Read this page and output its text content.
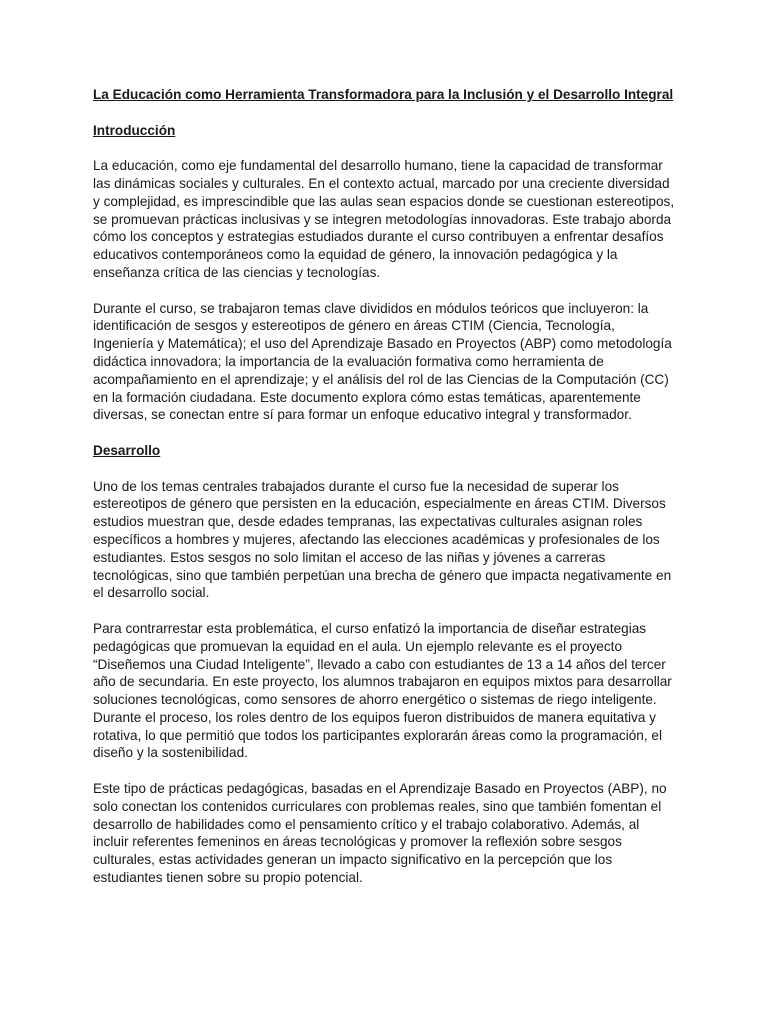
La Educación como Herramienta Transformadora para la Inclusión y el Desarrollo Integral
Introducción

La educación, como eje fundamental del desarrollo humano, tiene la capacidad de transformar las dinámicas sociales y culturales. En el contexto actual, marcado por una creciente diversidad y complejidad, es imprescindible que las aulas sean espacios donde se cuestionan estereotipos, se promuevan prácticas inclusivas y se integren metodologías innovadoras. Este trabajo aborda cómo los conceptos y estrategias estudiados durante el curso contribuyen a enfrentar desafíos educativos contemporáneos como la equidad de género, la innovación pedagógica y la enseñanza crítica de las ciencias y tecnologías.

Durante el curso, se trabajaron temas clave divididos en módulos teóricos que incluyeron: la identificación de sesgos y estereotipos de género en áreas CTIM (Ciencia, Tecnología, Ingeniería y Matemática); el uso del Aprendizaje Basado en Proyectos (ABP) como metodología didáctica innovadora; la importancia de la evaluación formativa como herramienta de acompañamiento en el aprendizaje; y el análisis del rol de las Ciencias de la Computación (CC) en la formación ciudadana. Este documento explora cómo estas temáticas, aparentemente diversas, se conectan entre sí para formar un enfoque educativo integral y transformador.

Desarrollo

Uno de los temas centrales trabajados durante el curso fue la necesidad de superar los estereotipos de género que persisten en la educación, especialmente en áreas CTIM. Diversos estudios muestran que, desde edades tempranas, las expectativas culturales asignan roles específicos a hombres y mujeres, afectando las elecciones académicas y profesionales de los estudiantes. Estos sesgos no solo limitan el acceso de las niñas y jóvenes a carreras tecnológicas, sino que también perpetúan una brecha de género que impacta negativamente en el desarrollo social.

Para contrarrestar esta problemática, el curso enfatizó la importancia de diseñar estrategias pedagógicas que promuevan la equidad en el aula. Un ejemplo relevante es el proyecto “Diseñemos una Ciudad Inteligente”, llevado a cabo con estudiantes de 13 a 14 años del tercer año de secundaria. En este proyecto, los alumnos trabajaron en equipos mixtos para desarrollar soluciones tecnológicas, como sensores de ahorro energético o sistemas de riego inteligente. Durante el proceso, los roles dentro de los equipos fueron distribuidos de manera equitativa y rotativa, lo que permitió que todos los participantes explorarán áreas como la programación, el diseño y la sostenibilidad.

Este tipo de prácticas pedagógicas, basadas en el Aprendizaje Basado en Proyectos (ABP), no solo conectan los contenidos curriculares con problemas reales, sino que también fomentan el desarrollo de habilidades como el pensamiento crítico y el trabajo colaborativo. Además, al incluir referentes femeninos en áreas tecnológicas y promover la reflexión sobre sesgos culturales, estas actividades generan un impacto significativo en la percepción que los estudiantes tienen sobre su propio potencial.
